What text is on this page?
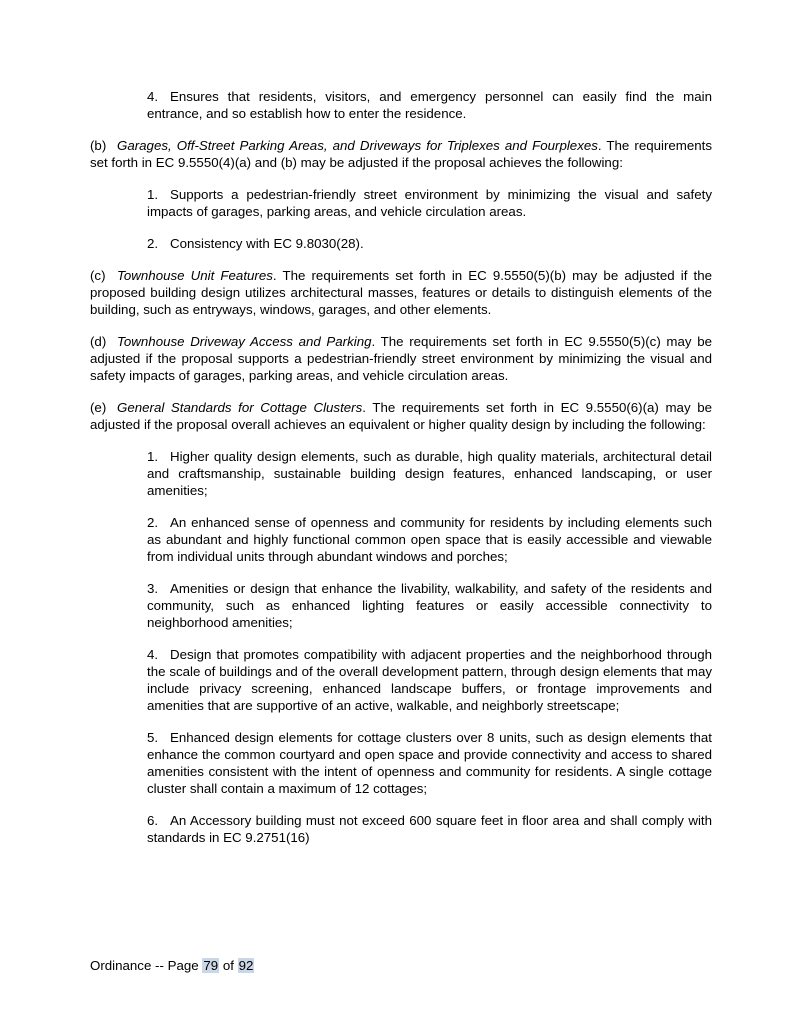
4. Ensures that residents, visitors, and emergency personnel can easily find the main entrance, and so establish how to enter the residence.
(b) Garages, Off-Street Parking Areas, and Driveways for Triplexes and Fourplexes. The requirements set forth in EC 9.5550(4)(a) and (b) may be adjusted if the proposal achieves the following:
1. Supports a pedestrian-friendly street environment by minimizing the visual and safety impacts of garages, parking areas, and vehicle circulation areas.
2. Consistency with EC 9.8030(28).
(c) Townhouse Unit Features. The requirements set forth in EC 9.5550(5)(b) may be adjusted if the proposed building design utilizes architectural masses, features or details to distinguish elements of the building, such as entryways, windows, garages, and other elements.
(d) Townhouse Driveway Access and Parking. The requirements set forth in EC 9.5550(5)(c) may be adjusted if the proposal supports a pedestrian-friendly street environment by minimizing the visual and safety impacts of garages, parking areas, and vehicle circulation areas.
(e) General Standards for Cottage Clusters. The requirements set forth in EC 9.5550(6)(a) may be adjusted if the proposal overall achieves an equivalent or higher quality design by including the following:
1. Higher quality design elements, such as durable, high quality materials, architectural detail and craftsmanship, sustainable building design features, enhanced landscaping, or user amenities;
2. An enhanced sense of openness and community for residents by including elements such as abundant and highly functional common open space that is easily accessible and viewable from individual units through abundant windows and porches;
3. Amenities or design that enhance the livability, walkability, and safety of the residents and community, such as enhanced lighting features or easily accessible connectivity to neighborhood amenities;
4. Design that promotes compatibility with adjacent properties and the neighborhood through the scale of buildings and of the overall development pattern, through design elements that may include privacy screening, enhanced landscape buffers, or frontage improvements and amenities that are supportive of an active, walkable, and neighborly streetscape;
5. Enhanced design elements for cottage clusters over 8 units, such as design elements that enhance the common courtyard and open space and provide connectivity and access to shared amenities consistent with the intent of openness and community for residents. A single cottage cluster shall contain a maximum of 12 cottages;
6. An Accessory building must not exceed 600 square feet in floor area and shall comply with standards in EC 9.2751(16)
Ordinance -- Page 79 of 92
